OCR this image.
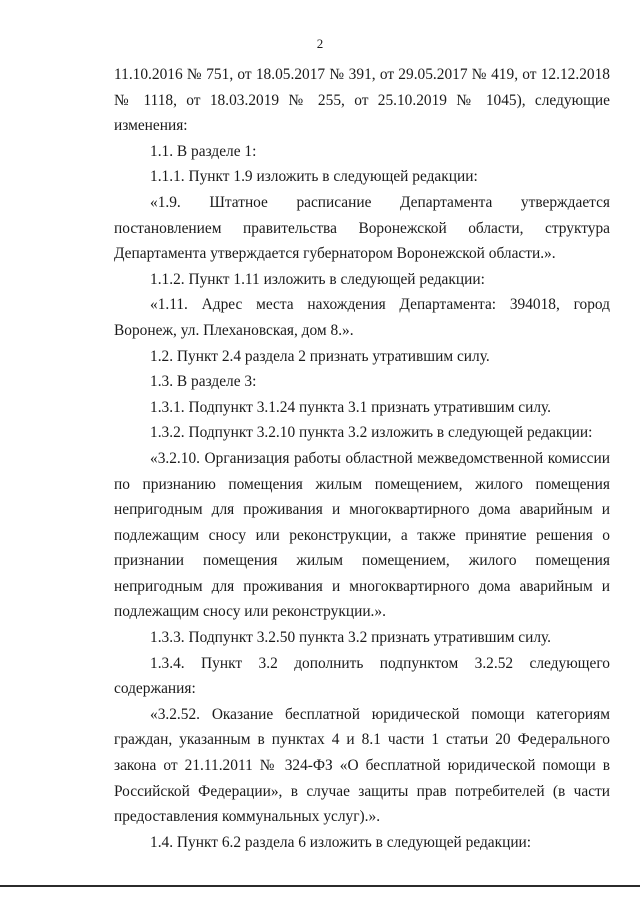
2

11.10.2016 № 751, от 18.05.2017 № 391, от 29.05.2017 № 419, от 12.12.2018 № 1118, от 18.03.2019 № 255, от 25.10.2019 № 1045), следующие изменения:

1.1. В разделе 1:

1.1.1. Пункт 1.9 изложить в следующей редакции:

«1.9. Штатное расписание Департамента утверждается постановлением правительства Воронежской области, структура Департамента утверждается губернатором Воронежской области.».

1.1.2. Пункт 1.11 изложить в следующей редакции:

«1.11. Адрес места нахождения Департамента: 394018, город Воронеж, ул. Плехановская, дом 8.».

1.2. Пункт 2.4 раздела 2 признать утратившим силу.

1.3. В разделе 3:

1.3.1. Подпункт 3.1.24 пункта 3.1 признать утратившим силу.

1.3.2. Подпункт 3.2.10 пункта 3.2 изложить в следующей редакции:

«3.2.10. Организация работы областной межведомственной комиссии по признанию помещения жилым помещением, жилого помещения непригодным для проживания и многоквартирного дома аварийным и подлежащим сносу или реконструкции, а также принятие решения о признании помещения жилым помещением, жилого помещения непригодным для проживания и многоквартирного дома аварийным и подлежащим сносу или реконструкции.».

1.3.3. Подпункт 3.2.50 пункта 3.2 признать утратившим силу.

1.3.4. Пункт 3.2 дополнить подпунктом 3.2.52 следующего содержания:

«3.2.52. Оказание бесплатной юридической помощи категориям граждан, указанным в пунктах 4 и 8.1 части 1 статьи 20 Федерального закона от 21.11.2011 № 324-ФЗ «О бесплатной юридической помощи в Российской Федерации», в случае защиты прав потребителей (в части предоставления коммунальных услуг).».

1.4. Пункт 6.2 раздела 6 изложить в следующей редакции:
